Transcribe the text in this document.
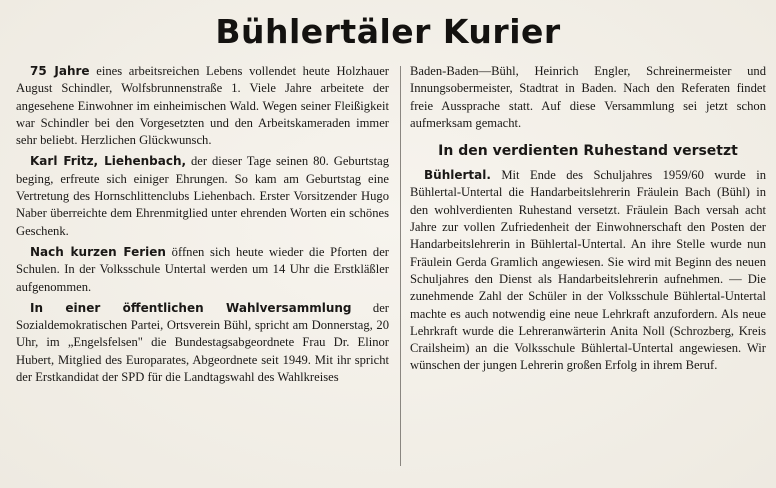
Bühlertäler Kurier

75 Jahre eines arbeitsreichen Lebens vollendet heute Holzhauer August Schindler, Wolfsbrunnenstraße 1. Viele Jahre arbeitete der angesehene Einwohner im einheimischen Wald. Wegen seiner Fleißigkeit war Schindler bei den Vorgesetzten und den Arbeitskameraden immer sehr beliebt. Herzlichen Glückwunsch.

Karl Fritz, Liehenbach, der dieser Tage seinen 80. Geburtstag beging, erfreute sich einiger Ehrungen. So kam am Geburtstag eine Vertretung des Hornschlittenclubs Liehenbach. Erster Vorsitzender Hugo Naber überreichte dem Ehrenmitglied unter ehrenden Worten ein schönes Geschenk.

Nach kurzen Ferien öffnen sich heute wieder die Pforten der Schulen. In der Volksschule Untertal werden um 14 Uhr die Erstkläßler aufgenommen.

In einer öffentlichen Wahlversammlung der Sozialdemokratischen Partei, Ortsverein Bühl, spricht am Donnerstag, 20 Uhr, im „Engelsfelsen" die Bundestagsabgeordnete Frau Dr. Elinor Hubert, Mitglied des Europarates, Abgeordnete seit 1949. Mit ihr spricht der Erstkandidat der SPD für die Landtagswahl des Wahlkreises

Baden-Baden—Bühl, Heinrich Engler, Schreinermeister und Innungsobermeister, Stadtrat in Baden. Nach den Referaten findet freie Aussprache statt. Auf diese Versammlung sei jetzt schon aufmerksam gemacht.

In den verdienten Ruhestand versetzt

Bühlertal. Mit Ende des Schuljahres 1959/60 wurde in Bühlertal-Untertal die Handarbeitslehrerin Fräulein Bach (Bühl) in den wohlverdienten Ruhestand versetzt. Fräulein Bach versah acht Jahre zur vollen Zufriedenheit der Einwohnerschaft den Posten der Handarbeitslehrerin in Bühlertal-Untertal. An ihre Stelle wurde nun Fräulein Gerda Gramlich angewiesen. Sie wird mit Beginn des neuen Schuljahres den Dienst als Handarbeitslehrerin aufnehmen. — Die zunehmende Zahl der Schüler in der Volksschule Bühlertal-Untertal machte es auch notwendig eine neue Lehrkraft anzufordern. Als neue Lehrkraft wurde die Lehreranwärterin Anita Noll (Schrozberg, Kreis Crailsheim) an die Volksschule Bühlertal-Untertal angewiesen. Wir wünschen der jungen Lehrerin großen Erfolg in ihrem Beruf.
